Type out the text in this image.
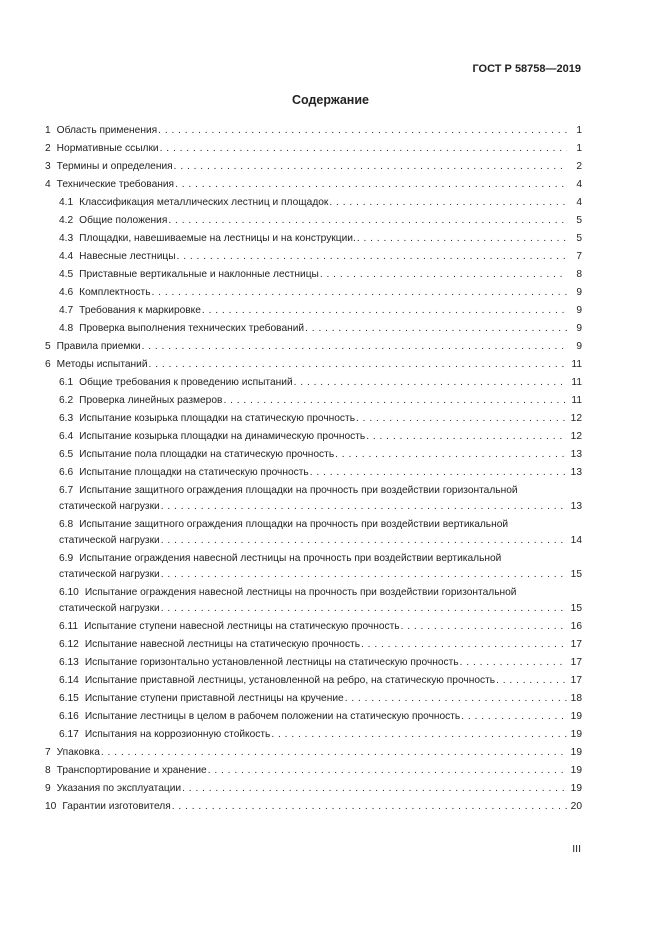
ГОСТ Р 58758—2019
Содержание
1 Область применения . . .	1
2 Нормативные ссылки . . .	1
3 Термины и определения . . .	2
4 Технические требования . . .	4
4.1 Классификация металлических лестниц и площадок . . .	4
4.2 Общие положения . . .	5
4.3 Площадки, навешиваемые на лестницы и на конструкции. . . .	5
4.4 Навесные лестницы . . .	7
4.5 Приставные вертикальные и наклонные лестницы . . .	8
4.6 Комплектность . . .	9
4.7 Требования к маркировке . . .	9
4.8 Проверка выполнения технических требований . . .	9
5 Правила приемки . . .	9
6 Методы испытаний . . .	11
6.1 Общие требования к проведению испытаний . . .	11
6.2 Проверка линейных размеров . . .	11
6.3 Испытание козырька площадки на статическую прочность . . .	12
6.4 Испытание козырька площадки на динамическую прочность . . .	12
6.5 Испытание пола площадки на статическую прочность . . .	13
6.6 Испытание площадки на статическую прочность . . .	13
6.7 Испытание защитного ограждения площадки на прочность при воздействии горизонтальной
статической нагрузки . . .	13
6.8 Испытание защитного ограждения площадки на прочность при воздействии вертикальной
статической нагрузки . . .	14
6.9 Испытание ограждения навесной лестницы на прочность при воздействии вертикальной
статической нагрузки . . .	15
6.10 Испытание ограждения навесной лестницы на прочность при воздействии горизонтальной
статической нагрузки . . .	15
6.11 Испытание ступени навесной лестницы на статическую прочность . . .	16
6.12 Испытание навесной лестницы на статическую прочность . . .	17
6.13 Испытание горизонтально установленной лестницы на статическую прочность . . .	17
6.14 Испытание приставной лестницы, установленной на ребро, на статическую прочность . . .	17
6.15 Испытание ступени приставной лестницы на кручение . . .	18
6.16 Испытание лестницы в целом в рабочем положении на статическую прочность . . .	19
6.17 Испытания на коррозионную стойкость . . .	19
7 Упаковка . . .	19
8 Транспортирование и хранение . . .	19
9 Указания по эксплуатации . . .	19
10 Гарантии изготовителя . . .	20
III
